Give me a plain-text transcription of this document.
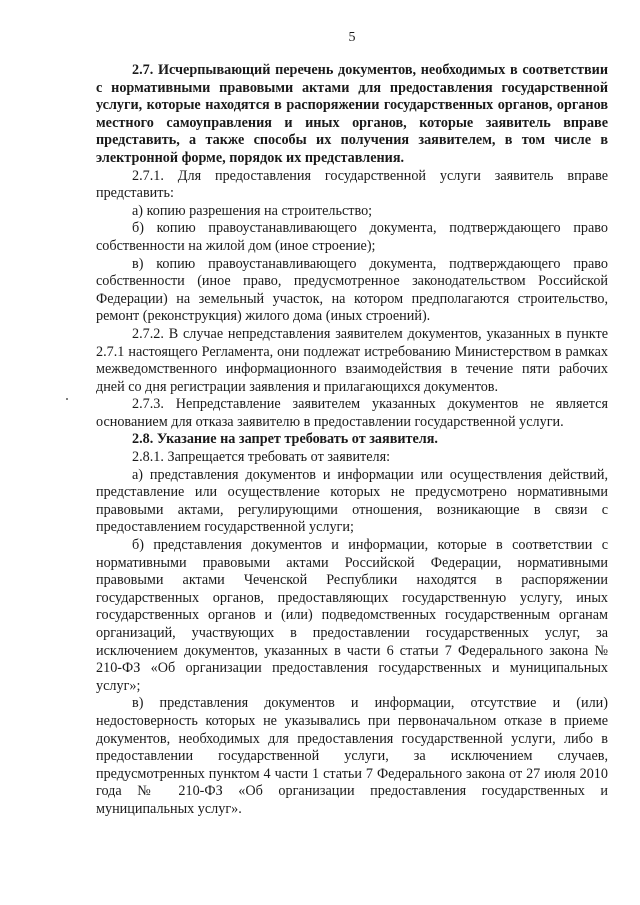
5

2.7. Исчерпывающий перечень документов, необходимых в соответствии с нормативными правовыми актами для предоставления государственной услуги, которые находятся в распоряжении государственных органов, органов местного самоуправления и иных органов, которые заявитель вправе представить, а также способы их получения заявителем, в том числе в электронной форме, порядок их представления.

2.7.1. Для предоставления государственной услуги заявитель вправе представить:

а) копию разрешения на строительство;

б) копию правоустанавливающего документа, подтверждающего право собственности на жилой дом (иное строение);

в) копию правоустанавливающего документа, подтверждающего право собственности (иное право, предусмотренное законодательством Российской Федерации) на земельный участок, на котором предполагаются строительство, ремонт (реконструкция) жилого дома (иных строений).

2.7.2. В случае непредставления заявителем документов, указанных в пункте 2.7.1 настоящего Регламента, они подлежат истребованию Министерством в рамках межведомственного информационного взаимодействия в течение пяти рабочих дней со дня регистрации заявления и прилагающихся документов.

2.7.3. Непредставление заявителем указанных документов не является основанием для отказа заявителю в предоставлении государственной услуги.

2.8. Указание на запрет требовать от заявителя.

2.8.1. Запрещается требовать от заявителя:

а) представления документов и информации или осуществления действий, представление или осуществление которых не предусмотрено нормативными правовыми актами, регулирующими отношения, возникающие в связи с предоставлением государственной услуги;

б) представления документов и информации, которые в соответствии с нормативными правовыми актами Российской Федерации, нормативными правовыми актами Чеченской Республики находятся в распоряжении государственных органов, предоставляющих государственную услугу, иных государственных органов и (или) подведомственных государственным органам организаций, участвующих в предоставлении государственных услуг, за исключением документов, указанных в части 6 статьи 7 Федерального закона № 210-ФЗ «Об организации предоставления государственных и муниципальных услуг»;

в) представления документов и информации, отсутствие и (или) недостоверность которых не указывались при первоначальном отказе в приеме документов, необходимых для предоставления государственной услуги, либо в предоставлении государственной услуги, за исключением случаев, предусмотренных пунктом 4 части 1 статьи 7 Федерального закона от 27 июля 2010 года № 210-ФЗ «Об организации предоставления государственных и муниципальных услуг».
